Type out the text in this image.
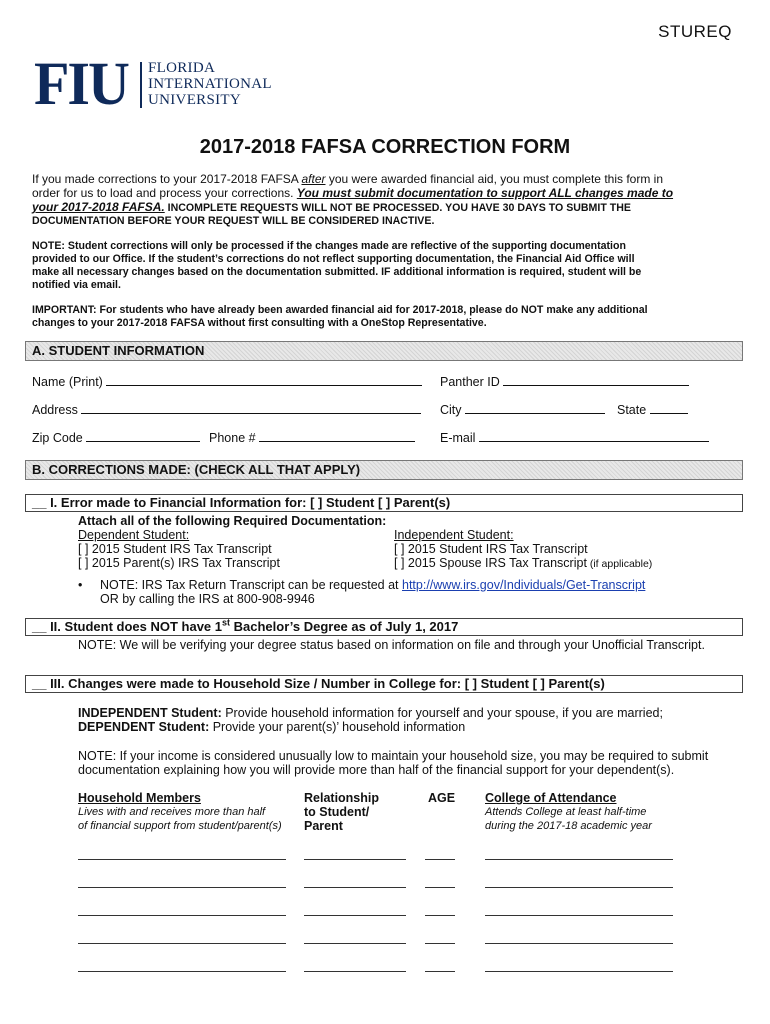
STUREQ
FIU FLORIDA
INTERNATIONAL
UNIVERSITY
2017-2018 FAFSA CORRECTION FORM
If you made corrections to your 2017-2018 FAFSA after you were awarded financial aid, you must complete this form in
order for us to load and process your corrections. You must submit documentation to support ALL changes made to
your 2017-2018 FAFSA. INCOMPLETE REQUESTS WILL NOT BE PROCESSED. YOU HAVE 30 DAYS TO SUBMIT THE
DOCUMENTATION BEFORE YOUR REQUEST WILL BE CONSIDERED INACTIVE.
NOTE: Student corrections will only be processed if the changes made are reflective of the supporting documentation
provided to our Office. If the student’s corrections do not reflect supporting documentation, the Financial Aid Office will
make all necessary changes based on the documentation submitted. IF additional information is required, student will be
notified via email.
IMPORTANT: For students who have already been awarded financial aid for 2017-2018, please do NOT make any additional
changes to your 2017-2018 FAFSA without first consulting with a OneStop Representative.
A. STUDENT INFORMATION
Name (Print)	Panther ID
Address	City	State
Zip Code	Phone #	E-mail
B. CORRECTIONS MADE: (CHECK ALL THAT APPLY)
__ I. Error made to Financial Information for: [ ] Student [ ] Parent(s)
Attach all of the following Required Documentation:
Dependent Student:
[ ] 2015 Student IRS Tax Transcript
[ ] 2015 Parent(s) IRS Tax Transcript
Independent Student:
[ ] 2015 Student IRS Tax Transcript
[ ] 2015 Spouse IRS Tax Transcript (if applicable)
• NOTE: IRS Tax Return Transcript can be requested at http://www.irs.gov/Individuals/Get-Transcript
OR by calling the IRS at 800-908-9946
__ II. Student does NOT have 1st Bachelor’s Degree as of July 1, 2017
NOTE: We will be verifying your degree status based on information on file and through your Unofficial Transcript.
__ III. Changes were made to Household Size / Number in College for: [ ] Student [ ] Parent(s)
INDEPENDENT Student: Provide household information for yourself and your spouse, if you are married;
DEPENDENT Student: Provide your parent(s)’ household information
NOTE: If your income is considered unusually low to maintain your household size, you may be required to submit
documentation explaining how you will provide more than half of the financial support for your dependent(s).
Household Members
Lives with and receives more than half
of financial support from student/parent(s)
Relationship
to Student/
Parent
AGE College of Attendance
Attends College at least half-time
during the 2017-18 academic year
